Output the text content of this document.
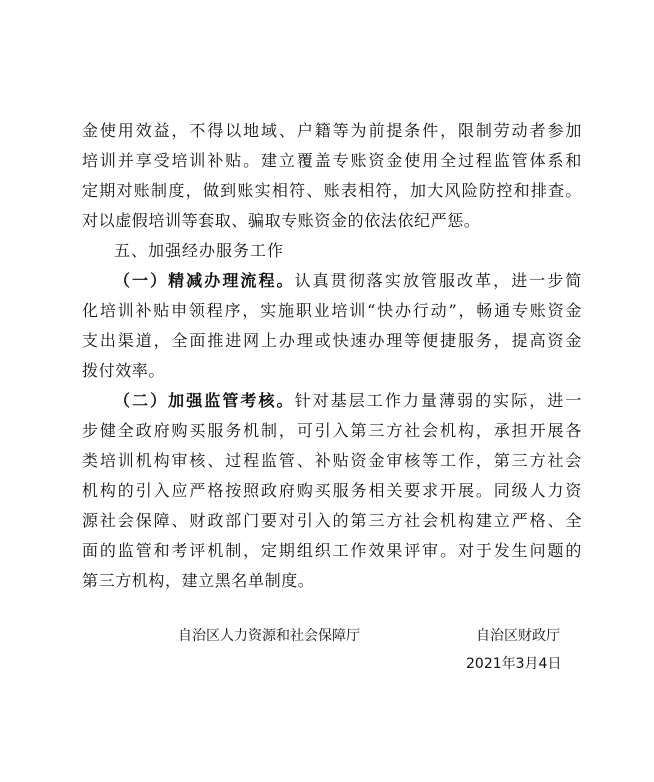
金使用效益，不得以地域、户籍等为前提条件，限制劳动者参加
培训并享受培训补贴。建立覆盖专账资金使用全过程监管体系和
定期对账制度，做到账实相符、账表相符，加大风险防控和排查。
对以虚假培训等套取、骗取专账资金的依法依纪严惩。
五、加强经办服务工作
（一）精减办理流程。认真贯彻落实放管服改革，进一步简
化培训补贴申领程序，实施职业培训“快办行动”，畅通专账资金
支出渠道，全面推进网上办理或快速办理等便捷服务，提高资金
拨付效率。
（二）加强监管考核。针对基层工作力量薄弱的实际，进一
步健全政府购买服务机制，可引入第三方社会机构，承担开展各
类培训机构审核、过程监管、补贴资金审核等工作，第三方社会
机构的引入应严格按照政府购买服务相关要求开展。同级人力资
源社会保障、财政部门要对引入的第三方社会机构建立严格、全
面的监管和考评机制，定期组织工作效果评审。对于发生问题的
第三方机构，建立黑名单制度。
自治区人力资源和社会保障厅	自治区财政厅
2021年3月4日
